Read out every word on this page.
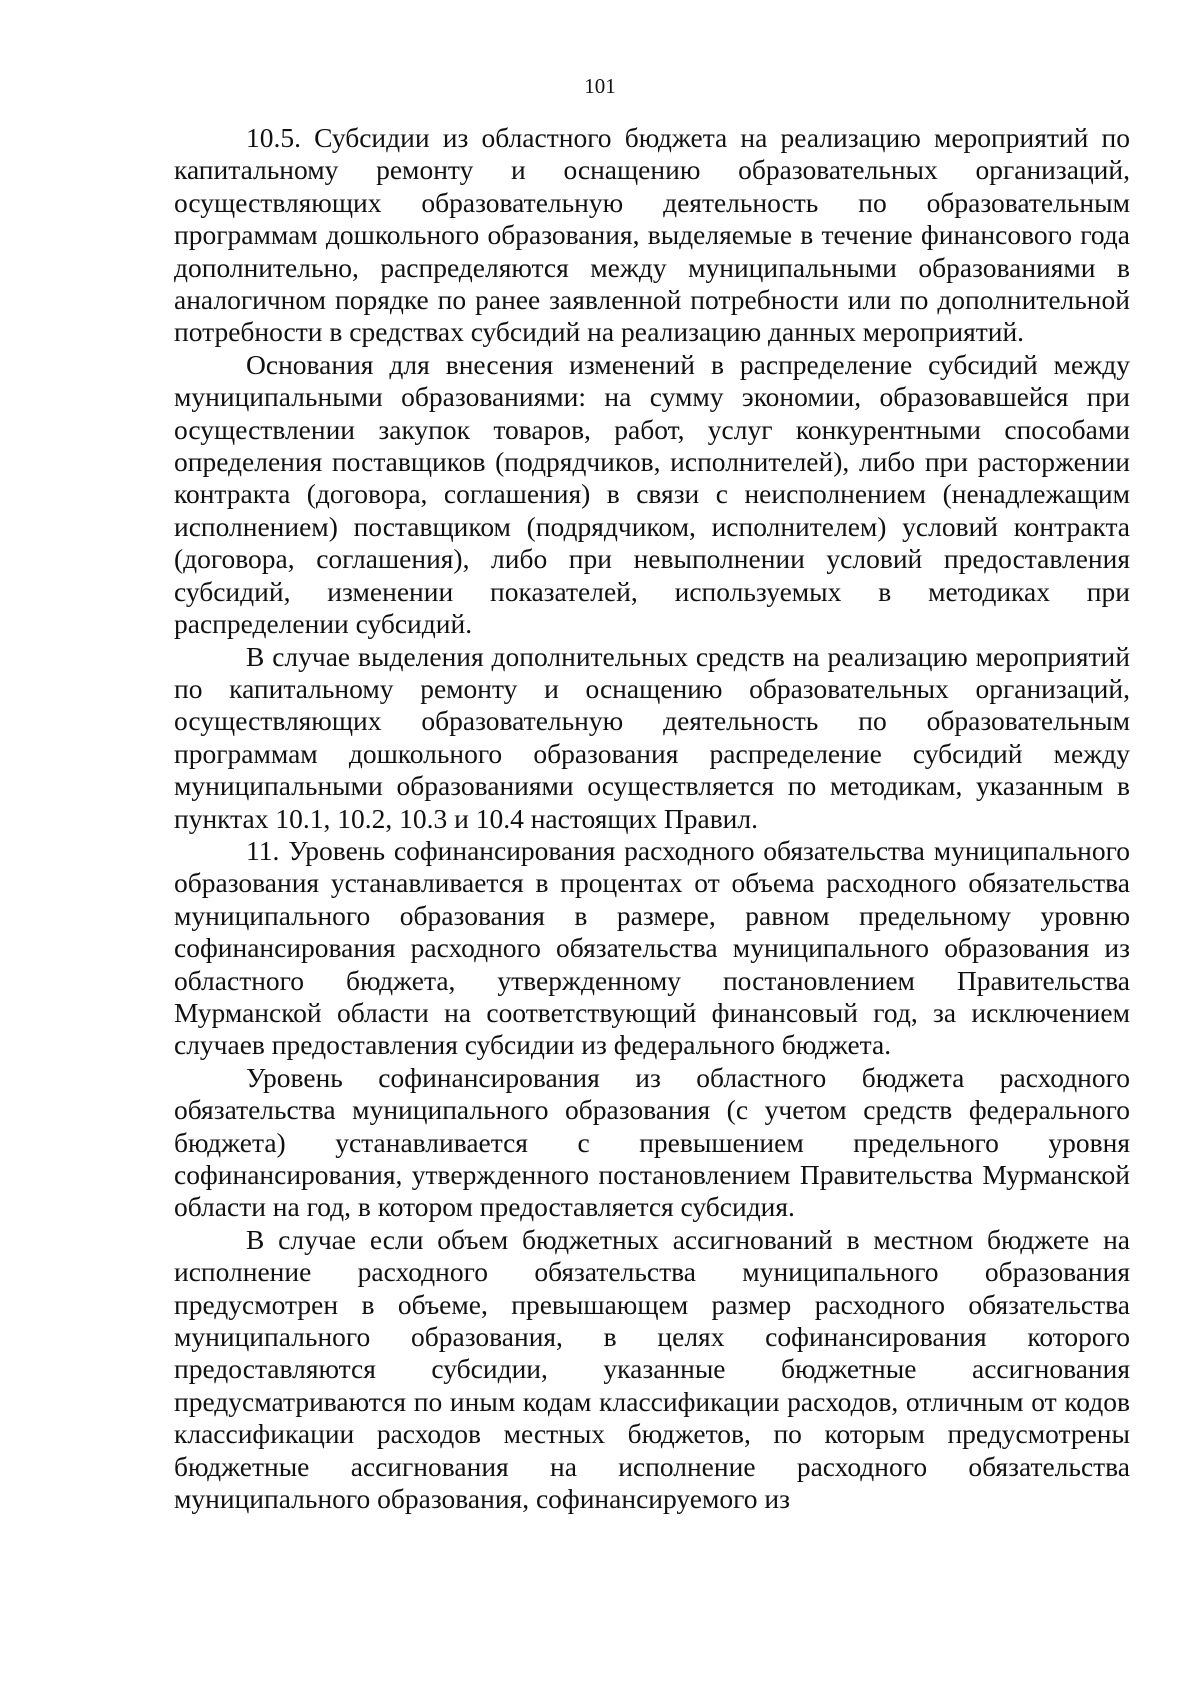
101

10.5. Субсидии из областного бюджета на реализацию мероприятий по капитальному ремонту и оснащению образовательных организаций, осуществляющих образовательную деятельность по образовательным программам дошкольного образования, выделяемые в течение финансового года дополнительно, распределяются между муниципальными образованиями в аналогичном порядке по ранее заявленной потребности или по дополнительной потребности в средствах субсидий на реализацию данных мероприятий.

Основания для внесения изменений в распределение субсидий между муниципальными образованиями: на сумму экономии, образовавшейся при осуществлении закупок товаров, работ, услуг конкурентными способами определения поставщиков (подрядчиков, исполнителей), либо при расторжении контракта (договора, соглашения) в связи с неисполнением (ненадлежащим исполнением) поставщиком (подрядчиком, исполнителем) условий контракта (договора, соглашения), либо при невыполнении условий предоставления субсидий, изменении показателей, используемых в методиках при распределении субсидий.

В случае выделения дополнительных средств на реализацию мероприятий по капитальному ремонту и оснащению образовательных организаций, осуществляющих образовательную деятельность по образовательным программам дошкольного образования распределение субсидий между муниципальными образованиями осуществляется по методикам, указанным в пунктах 10.1, 10.2, 10.3 и 10.4 настоящих Правил.

11. Уровень софинансирования расходного обязательства муниципального образования устанавливается в процентах от объема расходного обязательства муниципального образования в размере, равном предельному уровню софинансирования расходного обязательства муниципального образования из областного бюджета, утвержденному постановлением Правительства Мурманской области на соответствующий финансовый год, за исключением случаев предоставления субсидии из федерального бюджета.

Уровень софинансирования из областного бюджета расходного обязательства муниципального образования (с учетом средств федерального бюджета) устанавливается с превышением предельного уровня софинансирования, утвержденного постановлением Правительства Мурманской области на год, в котором предоставляется субсидия.

В случае если объем бюджетных ассигнований в местном бюджете на исполнение расходного обязательства муниципального образования предусмотрен в объеме, превышающем размер расходного обязательства муниципального образования, в целях софинансирования которого предоставляются субсидии, указанные бюджетные ассигнования предусматриваются по иным кодам классификации расходов, отличным от кодов классификации расходов местных бюджетов, по которым предусмотрены бюджетные ассигнования на исполнение расходного обязательства муниципального образования, софинансируемого из
